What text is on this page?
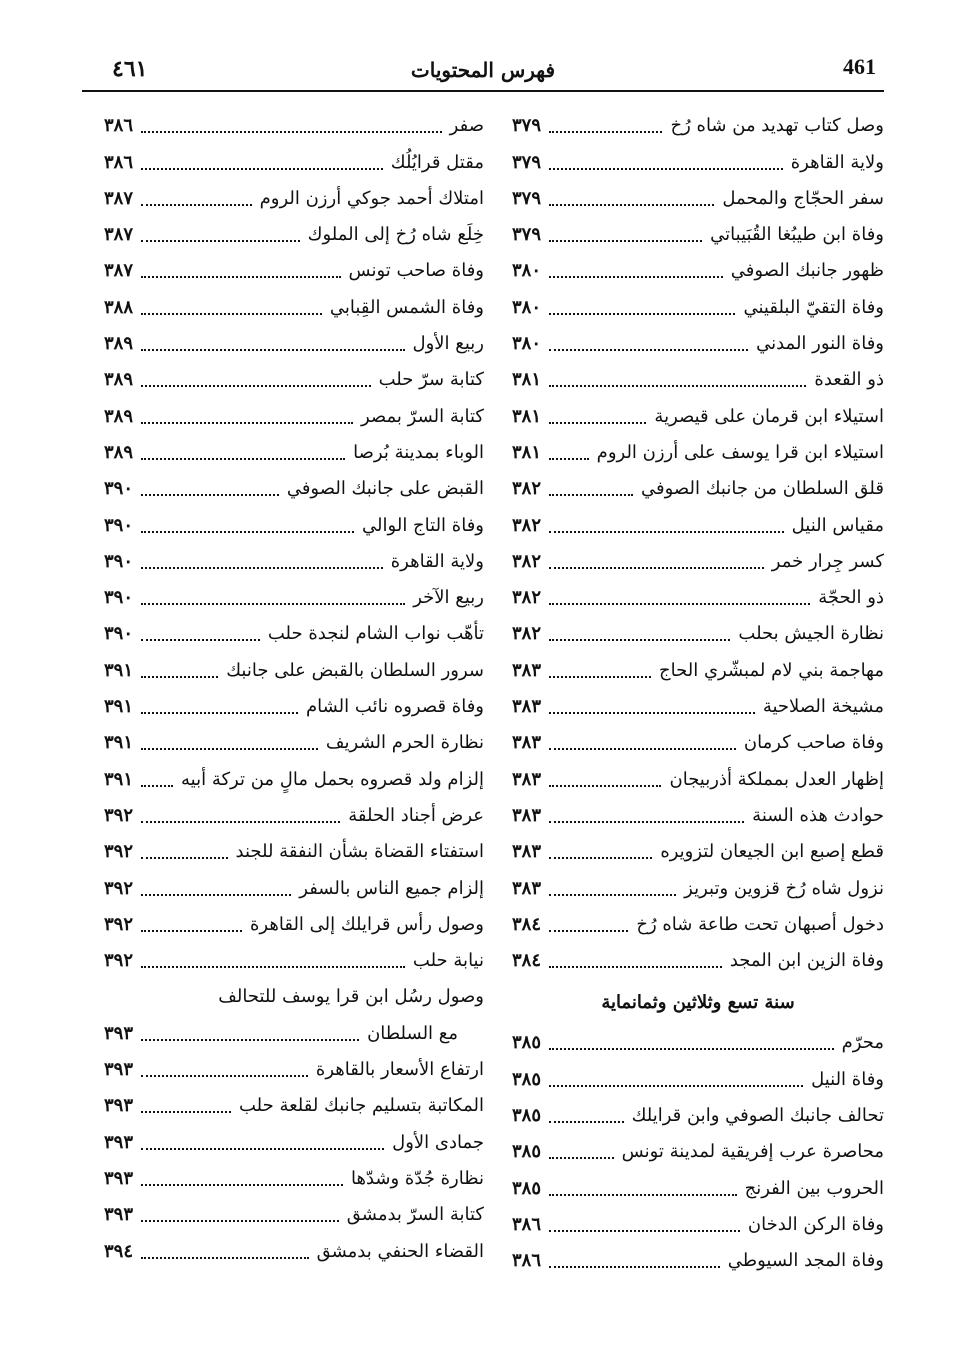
٤٦١	فهرس المحتويات	461
وصل كتاب تهديد من شاه رُخ
٣٧٩
ولاية القاهرة
٣٧٩
سفر الحجّاج والمحمل
٣٧٩
وفاة ابن طيبُغا القُبَيباتي
٣٧٩
ظهور جانبك الصوفي
٣٨٠
وفاة التقيّ البلقيني
٣٨٠
وفاة النور المدني
٣٨٠
ذو القعدة
٣٨١
استيلاء ابن قرمان على قيصرية
٣٨١
استيلاء ابن قرا يوسف على أرزن الروم
٣٨١
قلق السلطان من جانبك الصوفي
٣٨٢
مقياس النيل
٣٨٢
كسر جِرار خمر
٣٨٢
ذو الحجّة
٣٨٢
نظارة الجيش بحلب
٣٨٢
مهاجمة بني لام لمبشّري الحاج
٣٨٣
مشيخة الصلاحية
٣٨٣
وفاة صاحب كرمان
٣٨٣
إظهار العدل بمملكة أذربيجان
٣٨٣
حوادث هذه السنة
٣٨٣
قطع إصبع ابن الجيعان لتزويره
٣٨٣
نزول شاه رُخ قزوين وتبريز
٣٨٣
دخول أصبهان تحت طاعة شاه رُخ
٣٨٤
وفاة الزين ابن المجد
٣٨٤
سنة تسع وثلاثين وثمانماية
محرّم
٣٨٥
وفاة النيل
٣٨٥
تحالف جانبك الصوفي وابن قرايلك
٣٨٥
محاصرة عرب إفريقية لمدينة تونس
٣٨٥
الحروب بين الفرنج
٣٨٥
وفاة الركن الدخان
٣٨٦
وفاة المجد السيوطي
٣٨٦
صفر
٣٨٦
مقتل قرايُلُك
٣٨٦
امتلاك أحمد جوكي أرزن الروم
٣٨٧
خِلَع شاه رُخ إلى الملوك
٣٨٧
وفاة صاحب تونس
٣٨٧
وفاة الشمس القِبابي
٣٨٨
ربيع الأول
٣٨٩
كتابة سرّ حلب
٣٨٩
كتابة السرّ بمصر
٣٨٩
الوباء بمدينة بُرصا
٣٨٩
القبض على جانبك الصوفي
٣٩٠
وفاة التاج الوالي
٣٩٠
ولاية القاهرة
٣٩٠
ربيع الآخر
٣٩٠
تأهّب نواب الشام لنجدة حلب
٣٩٠
سرور السلطان بالقبض على جانبك
٣٩١
وفاة قصروه نائب الشام
٣٩١
نظارة الحرم الشريف
٣٩١
إلزام ولد قصروه بحمل مالٍ من تركة أبيه
٣٩١
عرض أجناد الحلقة
٣٩٢
استفتاء القضاة بشأن النفقة للجند
٣٩٢
إلزام جميع الناس بالسفر
٣٩٢
وصول رأس قرايلك إلى القاهرة
٣٩٢
نيابة حلب
٣٩٢
وصول رسُل ابن قرا يوسف للتحالف
مع السلطان
٣٩٣
ارتفاع الأسعار بالقاهرة
٣٩٣
المكاتبة بتسليم جانبك لقلعة حلب
٣٩٣
جمادى الأول
٣٩٣
نظارة جُدّة وشدّها
٣٩٣
كتابة السرّ بدمشق
٣٩٣
القضاء الحنفي بدمشق
٣٩٤
